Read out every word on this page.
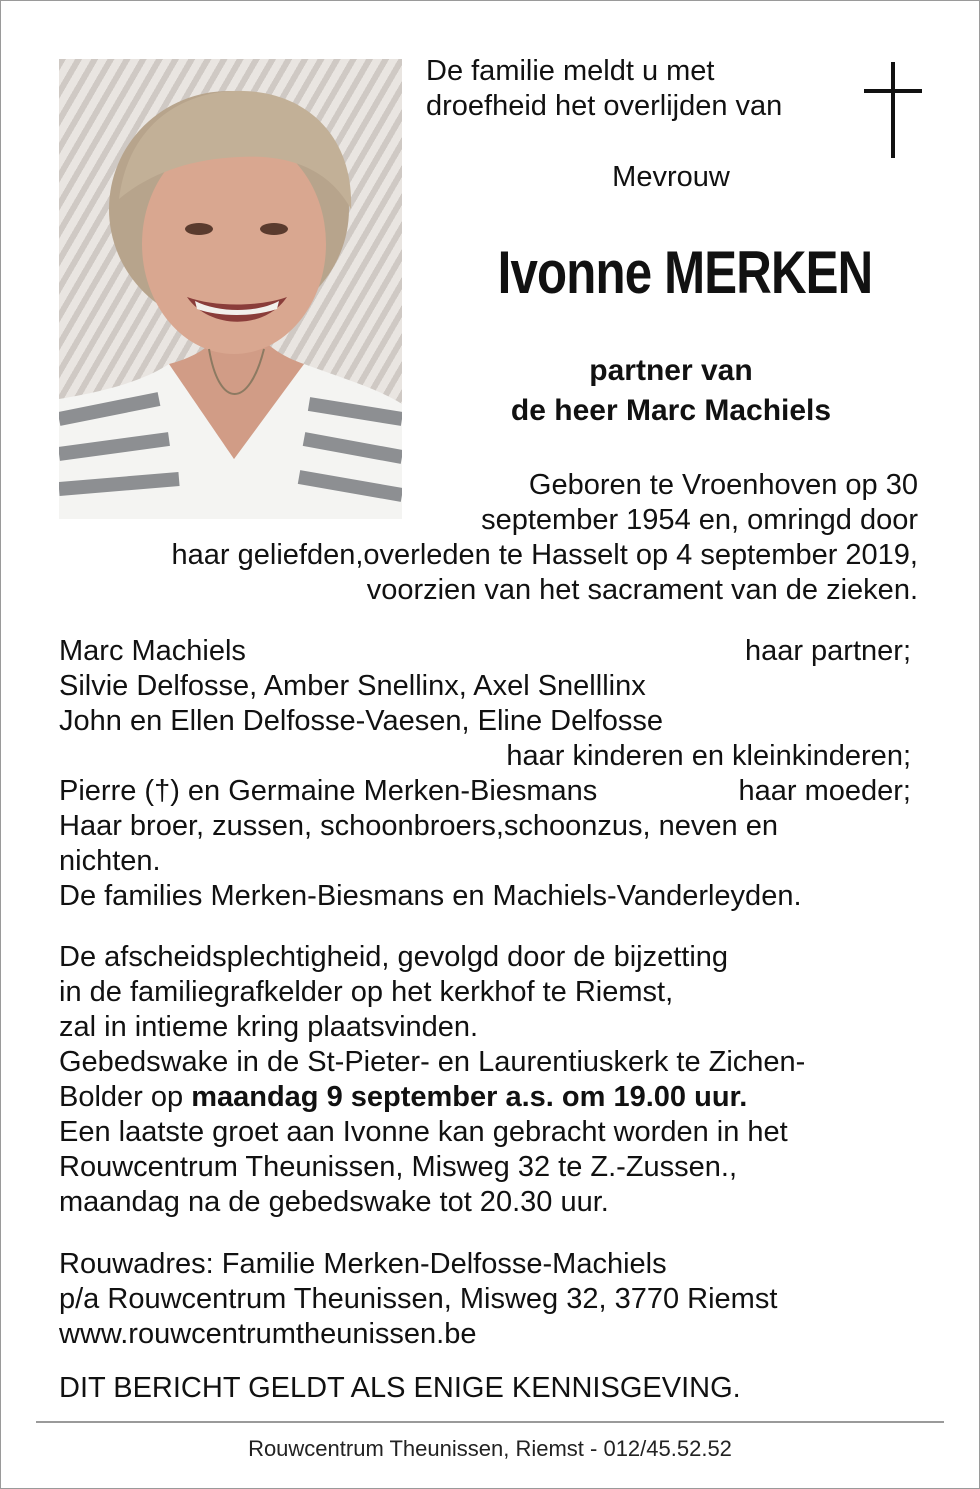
De familie meldt u met
droefheid het overlijden van
Mevrouw
Ivonne MERKEN
partner van
de heer Marc Machiels
Geboren te Vroenhoven op 30
september 1954 en, omringd door
haar geliefden,overleden te Hasselt op 4 september 2019,
voorzien van het sacrament van de zieken.
Marc Machiels	haar partner;
Silvie Delfosse, Amber Snellinx, Axel Snelllinx
John en Ellen Delfosse-Vaesen, Eline Delfosse
haar kinderen en kleinkinderen;
Pierre (†) en Germaine Merken-Biesmans	haar moeder;
Haar broer, zussen, schoonbroers,schoonzus, neven en
nichten.
De families Merken-Biesmans en Machiels-Vanderleyden.
De afscheidsplechtigheid, gevolgd door de bijzetting
in de familiegrafkelder op het kerkhof te Riemst,
zal in intieme kring plaatsvinden.
Gebedswake in de St-Pieter- en Laurentiuskerk te Zichen-
Bolder op maandag 9 september a.s. om 19.00 uur.
Een laatste groet aan Ivonne kan gebracht worden in het
Rouwcentrum Theunissen, Misweg 32 te Z.-Zussen.,
maandag na de gebedswake tot 20.30 uur.
Rouwadres: Familie Merken-Delfosse-Machiels
p/a Rouwcentrum Theunissen, Misweg 32, 3770 Riemst
www.rouwcentrumtheunissen.be
DIT BERICHT GELDT ALS ENIGE KENNISGEVING.
Rouwcentrum Theunissen, Riemst - 012/45.52.52
